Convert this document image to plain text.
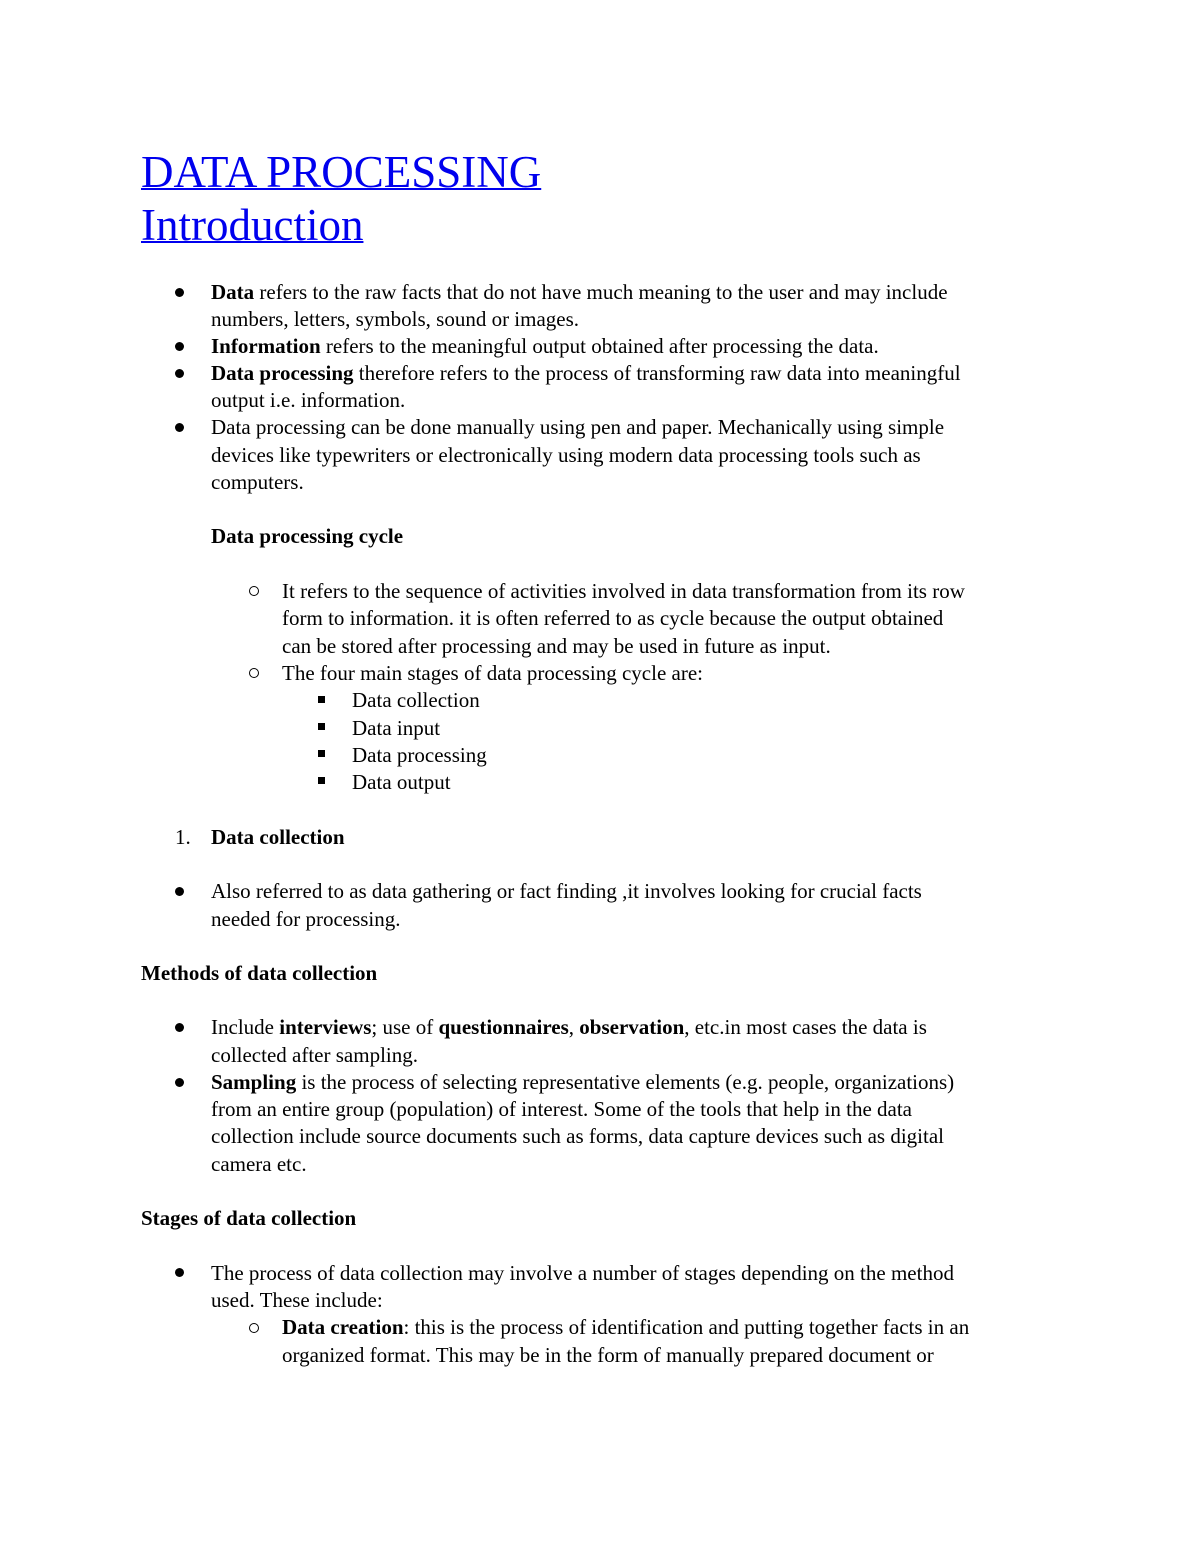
DATA PROCESSING
Introduction
Data refers to the raw facts that do not have much meaning to the user and may include
numbers, letters, symbols, sound or images.
Information refers to the meaningful output obtained after processing the data.
Data processing therefore refers to the process of transforming raw data into meaningful
output i.e. information.
Data processing can be done manually using pen and paper. Mechanically using simple
devices like typewriters or electronically using modern data processing tools such as
computers.
Data processing cycle
It refers to the sequence of activities involved in data transformation from its row
form to information. it is often referred to as cycle because the output obtained
can be stored after processing and may be used in future as input.
The four main stages of data processing cycle are:
Data collection
Data input
Data processing
Data output
1. Data collection
Also referred to as data gathering or fact finding ,it involves looking for crucial facts
needed for processing.
Methods of data collection
Include interviews; use of questionnaires, observation, etc.in most cases the data is
collected after sampling.
Sampling is the process of selecting representative elements (e.g. people, organizations)
from an entire group (population) of interest. Some of the tools that help in the data
collection include source documents such as forms, data capture devices such as digital
camera etc.
Stages of data collection
The process of data collection may involve a number of stages depending on the method
used. These include:
Data creation: this is the process of identification and putting together facts in an
organized format. This may be in the form of manually prepared document or
